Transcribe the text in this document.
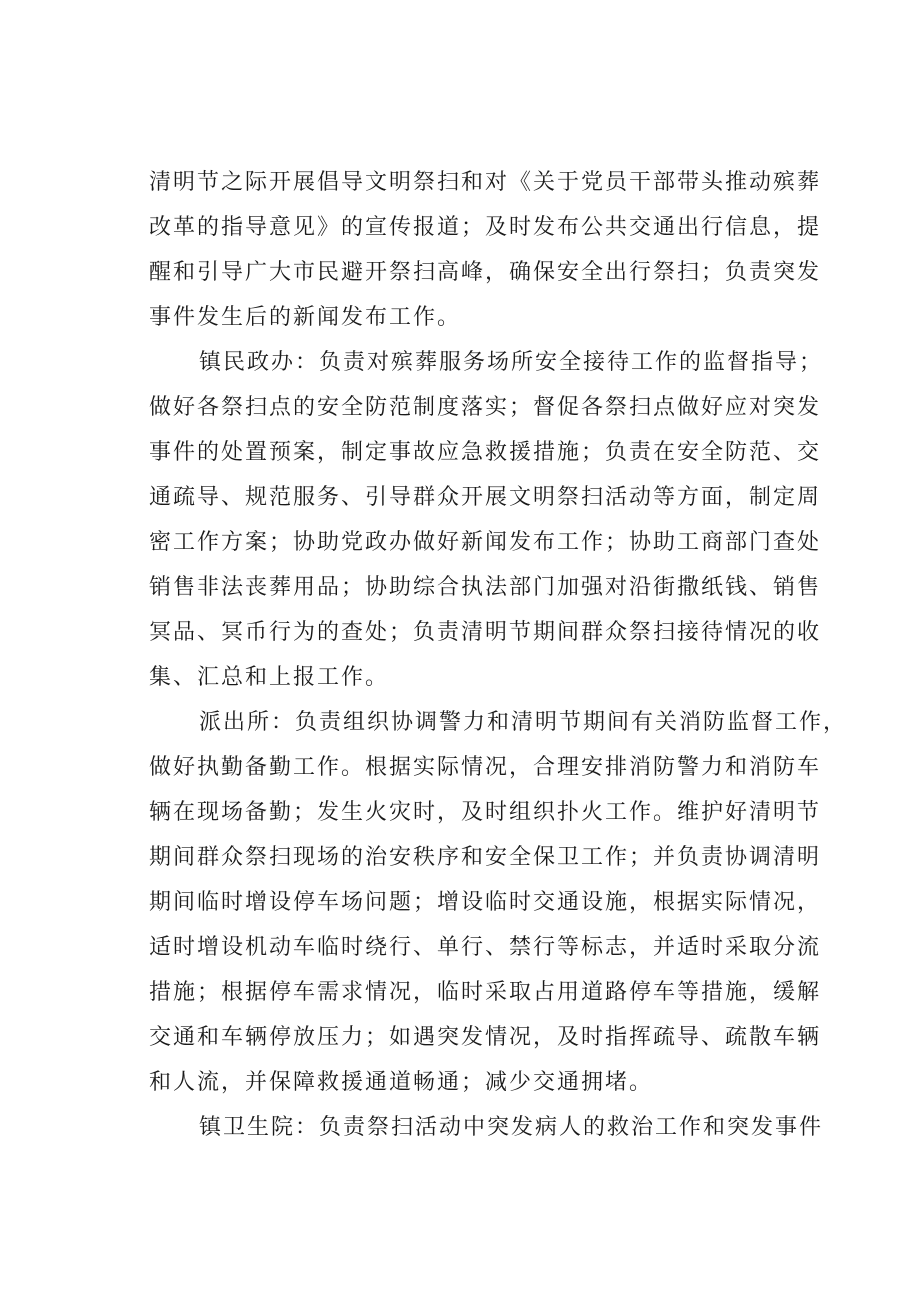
清明节之际开展倡导文明祭扫和对《关于党员干部带头推动殡葬
改革的指导意见》的宣传报道；及时发布公共交通出行信息，提
醒和引导广大市民避开祭扫高峰，确保安全出行祭扫；负责突发
事件发生后的新闻发布工作。
镇民政办：负责对殡葬服务场所安全接待工作的监督指导；
做好各祭扫点的安全防范制度落实；督促各祭扫点做好应对突发
事件的处置预案，制定事故应急救援措施；负责在安全防范、交
通疏导、规范服务、引导群众开展文明祭扫活动等方面，制定周
密工作方案；协助党政办做好新闻发布工作；协助工商部门查处
销售非法丧葬用品；协助综合执法部门加强对沿街撒纸钱、销售
冥品、冥币行为的查处；负责清明节期间群众祭扫接待情况的收
集、汇总和上报工作。
派出所：负责组织协调警力和清明节期间有关消防监督工作，
做好执勤备勤工作。根据实际情况，合理安排消防警力和消防车
辆在现场备勤；发生火灾时，及时组织扑火工作。维护好清明节
期间群众祭扫现场的治安秩序和安全保卫工作；并负责协调清明
期间临时增设停车场问题；增设临时交通设施，根据实际情况，
适时增设机动车临时绕行、单行、禁行等标志，并适时采取分流
措施；根据停车需求情况，临时采取占用道路停车等措施，缓解
交通和车辆停放压力；如遇突发情况，及时指挥疏导、疏散车辆
和人流，并保障救援通道畅通；减少交通拥堵。
镇卫生院：负责祭扫活动中突发病人的救治工作和突发事件
